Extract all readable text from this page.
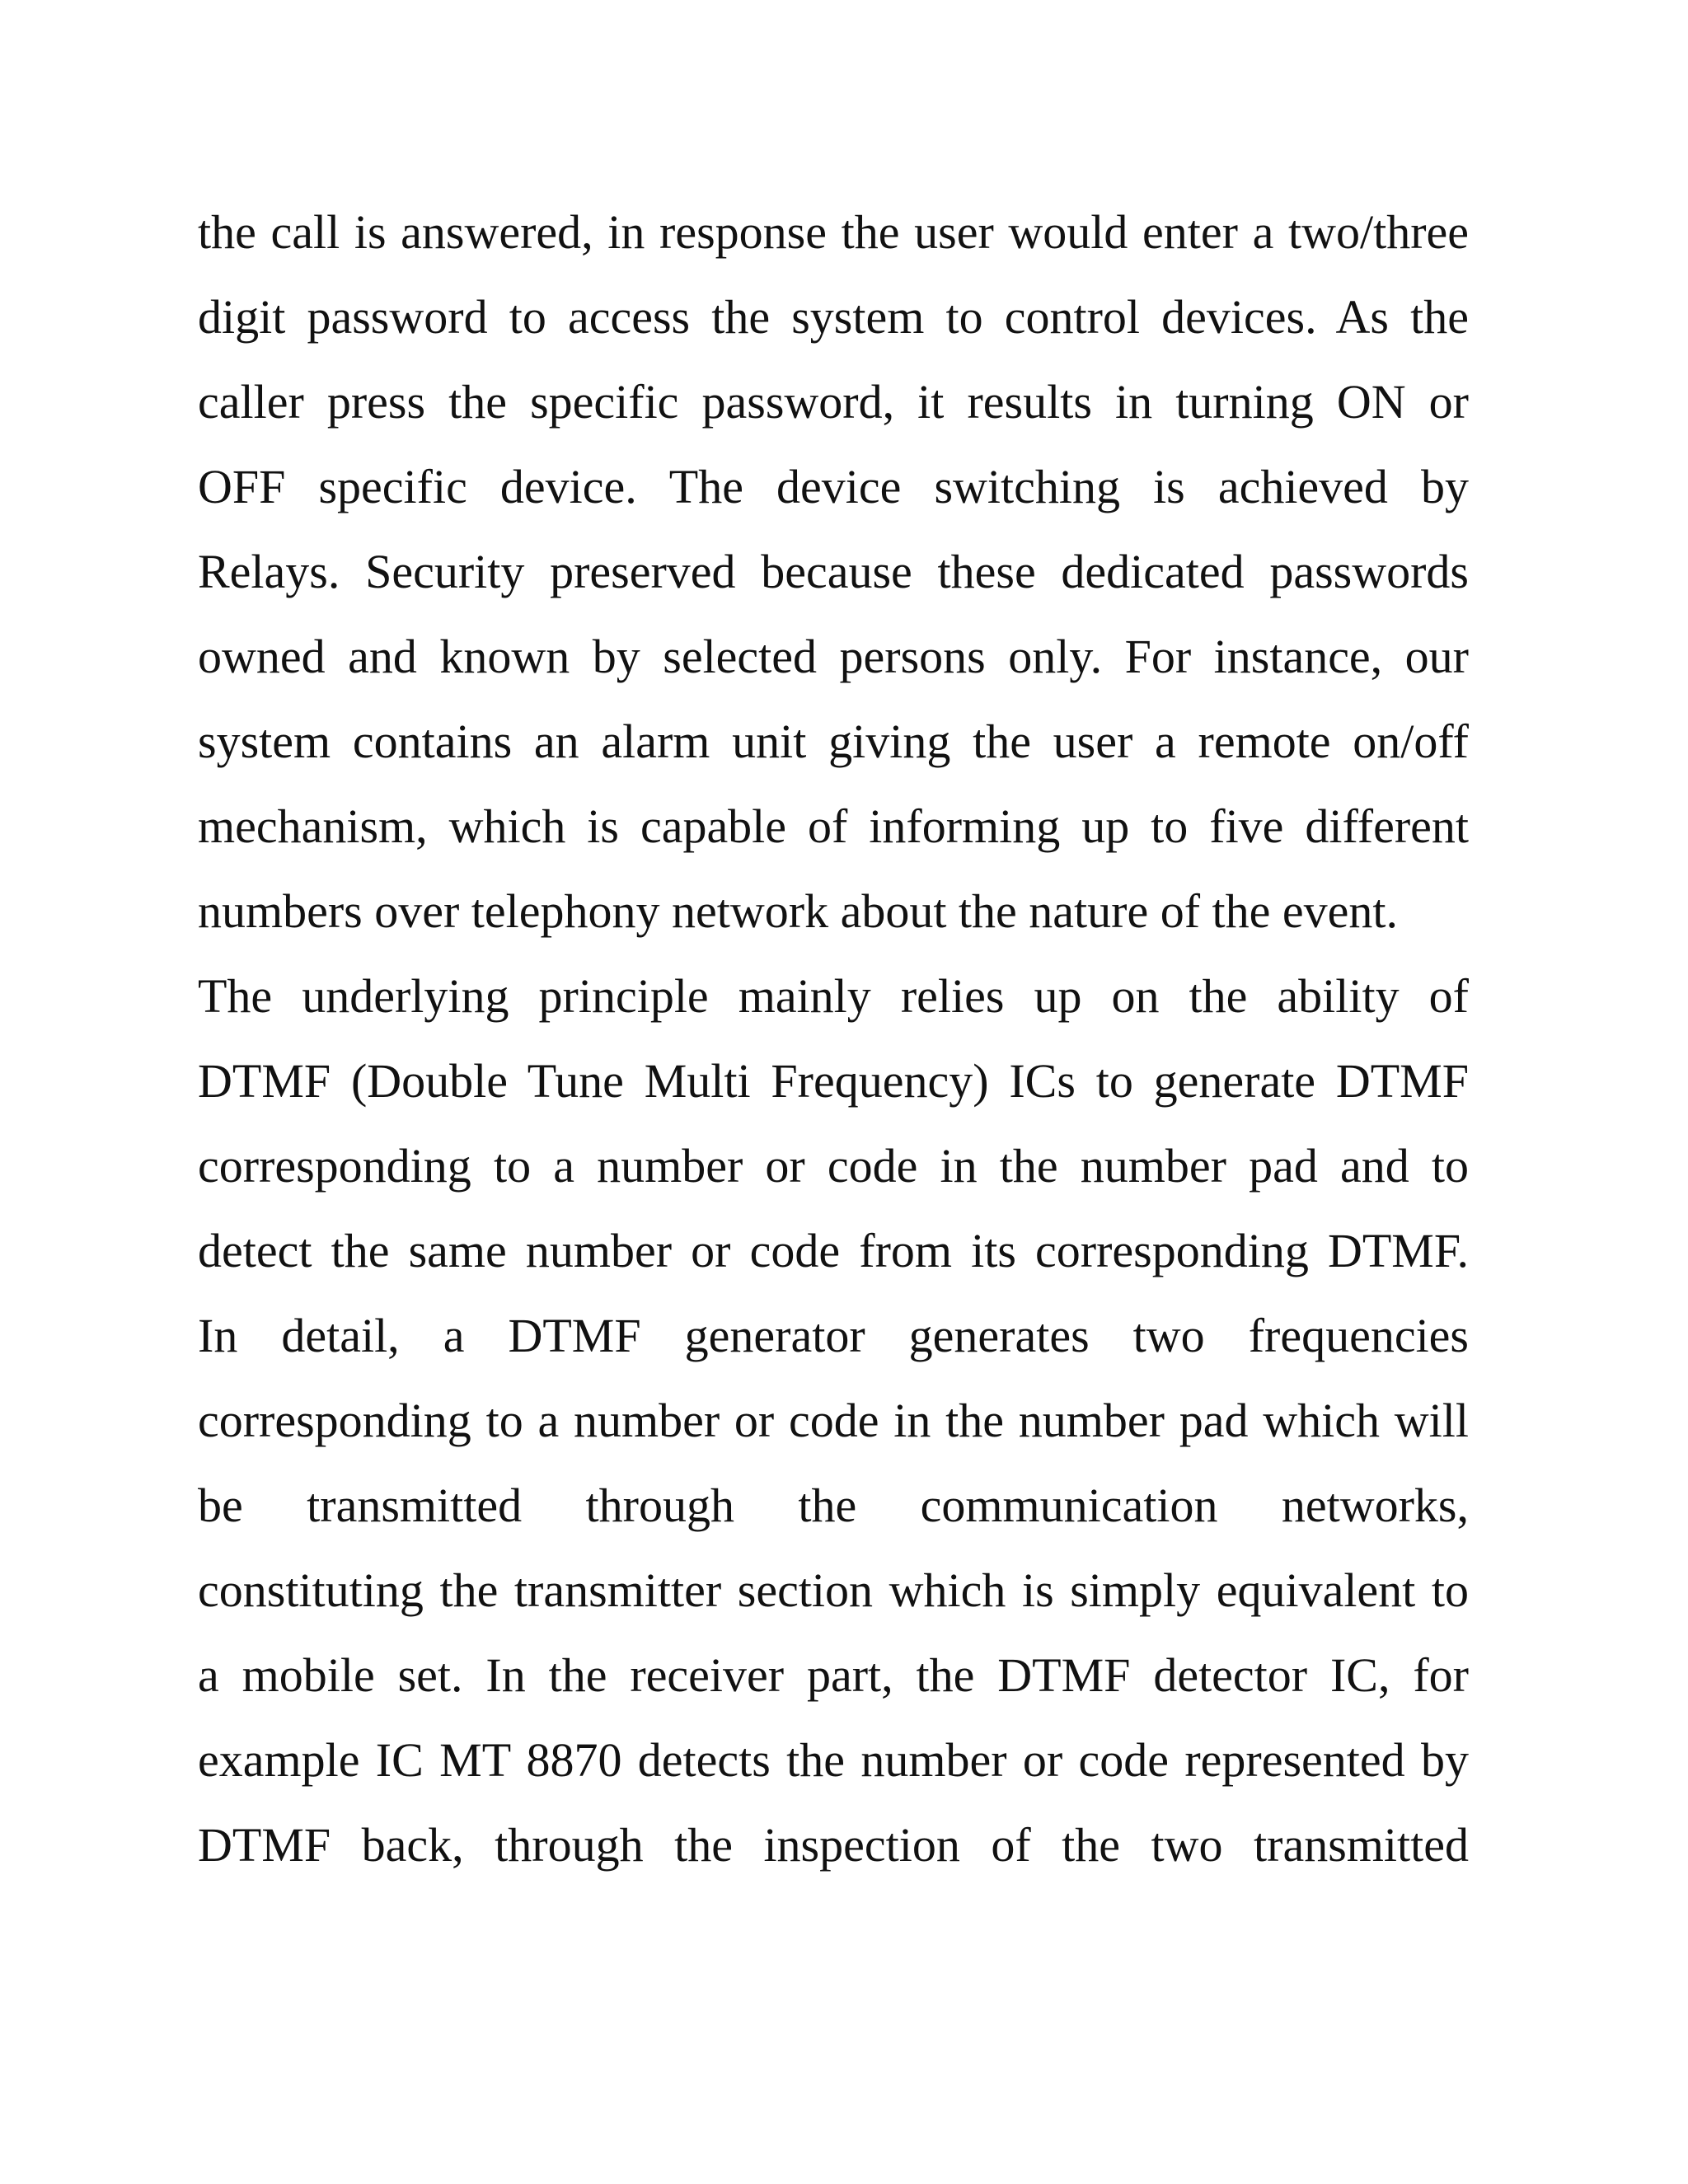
the call is answered, in response the user would enter a two/three
digit password to access the system to control devices. As the
caller press the specific password, it results in turning ON or
OFF specific device. The device switching is achieved by
Relays. Security preserved because these dedicated passwords
owned and known by selected persons only. For instance, our
system contains an alarm unit giving the user a remote on/off
mechanism, which is capable of informing up to five different
numbers over telephony network about the nature of the event.
The underlying principle mainly relies up on the ability of
DTMF (Double Tune Multi Frequency) ICs to generate DTMF
corresponding to a number or code in the number pad and to
detect the same number or code from its corresponding DTMF.
In detail, a DTMF generator generates two frequencies
corresponding to a number or code in the number pad which will
be transmitted through the communication networks,
constituting the transmitter section which is simply equivalent to
a mobile set. In the receiver part, the DTMF detector IC, for
example IC MT 8870 detects the number or code represented by
DTMF back, through the inspection of the two transmitted
